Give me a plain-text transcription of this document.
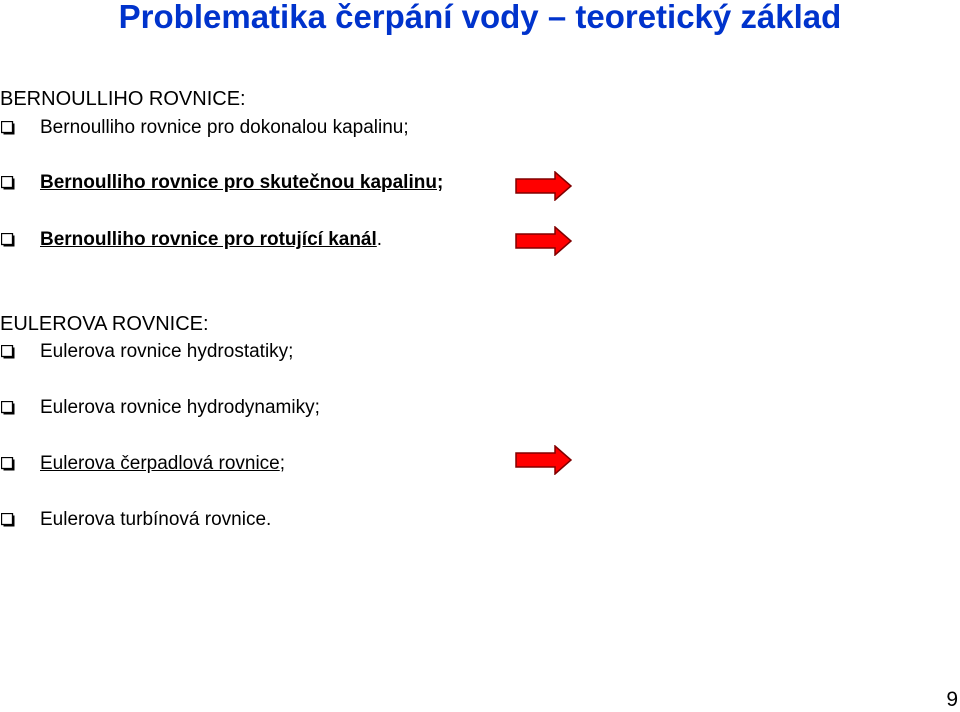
Problematika čerpání vody – teoretický základ
BERNOULLIHO ROVNICE:
Bernoulliho rovnice pro dokonalou kapalinu;
Bernoulliho rovnice pro skutečnou kapalinu;
Bernoulliho rovnice pro rotující kanál.
EULEROVA ROVNICE:
Eulerova rovnice hydrostatiky;
Eulerova rovnice hydrodynamiky;
Eulerova čerpadlová rovnice;
Eulerova turbínová rovnice.
9
